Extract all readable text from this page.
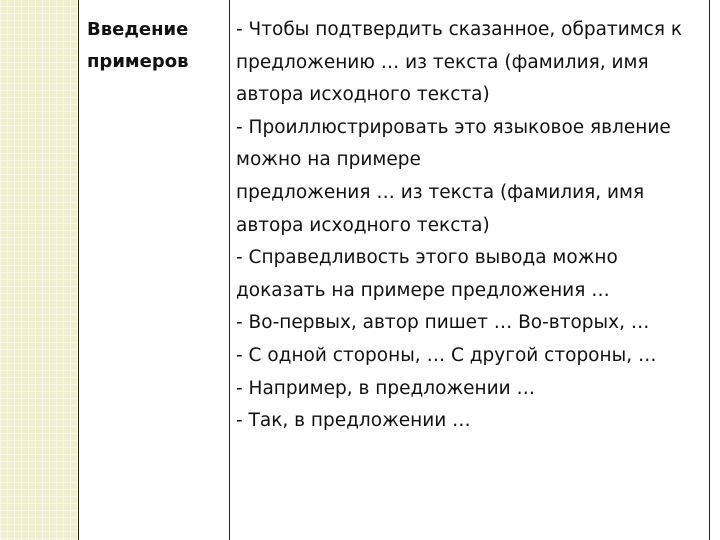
Введение
примеров
- Чтобы подтвердить сказанное, обратимся к
предложению … из текста (фамилия, имя
автора исходного текста)
- Проиллюстрировать это языковое явление
можно на примере
предложения … из текста (фамилия, имя
автора исходного текста)
- Справедливость этого вывода можно
доказать на примере предложения …
- Во-первых, автор пишет … Во-вторых, …
- С одной стороны, … С другой стороны, …
- Например, в предложении …
- Так, в предложении …
